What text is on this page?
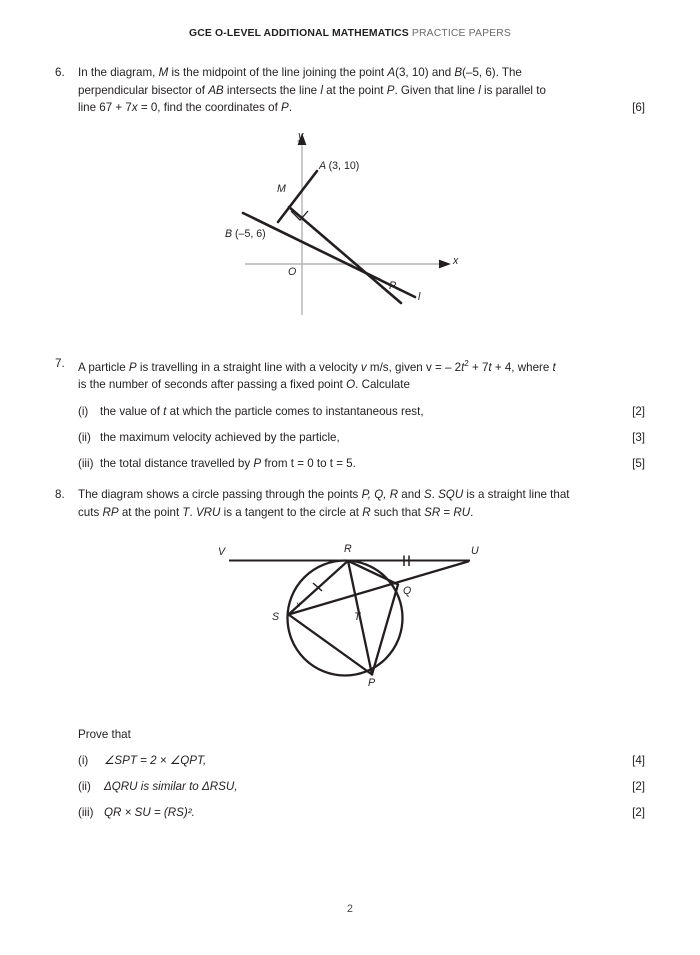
GCE O-LEVEL ADDITIONAL MATHEMATICS PRACTICE PAPERS
6.	In the diagram, M is the midpoint of the line joining the point A(3, 10) and B(–5, 6). The

perpendicular bisector of AB intersects the line l at the point P. Given that line l is parallel to

line 67 + 7x = 0, find the coordinates of P.	[6]

A (3, 10)
M
B (–5, 6)
O
y
x
P
l
7.	A particle P is travelling in a straight line with a velocity v m/s, given v = – $2t^2 + 7t + 4$, where t

is the number of seconds after passing a fixed point O. Calculate

(i) the value of t at which the particle comes to instantaneous rest,	[2]
(ii) the maximum velocity achieved by the particle,	[3]
(iii) the total distance travelled by P from t = 0 to t = 5.	[5]
8.	The diagram shows a circle passing through the points P, Q, R and S. SQU is a straight line that

cuts RP at the point T. VRU is a tangent to the circle at R such that SR = RU.

V	R	U
Q
T
S
P
x

Prove that

(i) ∠SPT = 2 × ∠QPT,	[4]
(ii) ΔQRU is similar to ΔRSU,	[2]
(iii) QR × SU = (RS)².	[2]
2
